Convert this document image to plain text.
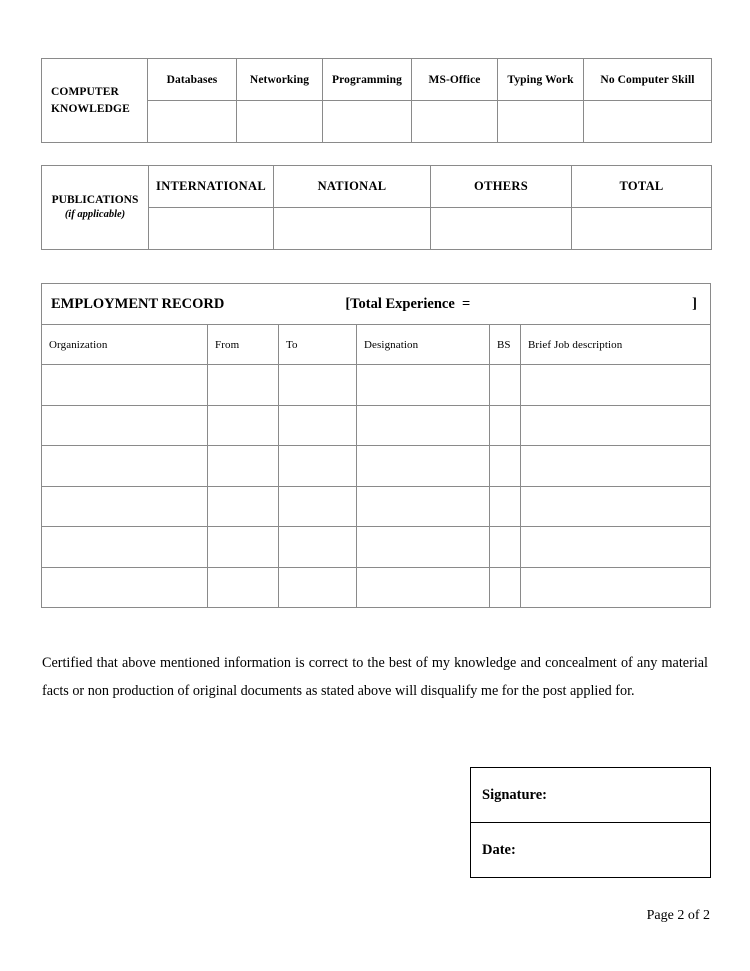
COMPUTER
KNOWLEDGE	Databases	Networking	Programming	MS-Office	Typing Work	No Computer Skill

PUBLICATIONS
(if applicable)	INTERNATIONAL	NATIONAL	OTHERS	TOTAL

EMPLOYMENT RECORD [Total Experience  = ]					

Organization	From	To	Designation	BS	Brief Job description

Certified that above mentioned information is correct to the best of my knowledge and concealment of any material facts or non production of original documents as stated above will disqualify me for the post applied for.

Signature:
Date:
Page 2 of 2
